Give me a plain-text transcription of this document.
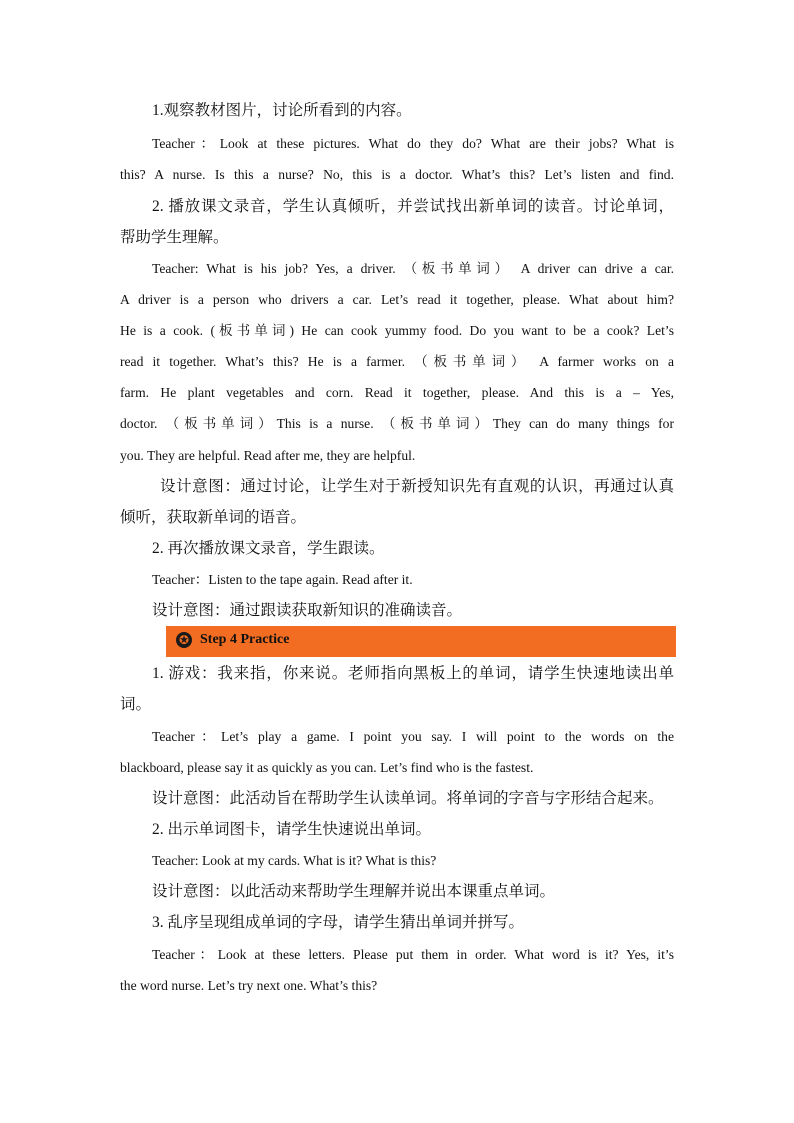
1.观察教材图片，讨论所看到的内容。
Teacher：Look at these pictures. What do they do? What are their jobs? What is
this? A nurse. Is this a nurse? No, this is a doctor. What’s this? Let’s listen and find.
2. 播放课文录音，学生认真倾听，并尝试找出新单词的读音。讨论单词，
帮助学生理解。
Teacher: What is his job? Yes, a driver. （板书单词） A driver can drive a car.
A driver is a person who drivers a car. Let’s read it together, please. What about him?
He is a cook. (板书单词) He can cook yummy food. Do you want to be a cook? Let’s
read it together. What’s this? He is a farmer. （板书单词） A farmer works on a
farm. He plant vegetables and corn. Read it together, please. And this is a – Yes,
doctor. （板书单词）This is a nurse. （板书单词）They can do many things for
you. They are helpful. Read after me, they are helpful.
设计意图：通过讨论，让学生对于新授知识先有直观的认识，再通过认真
倾听，获取新单词的语音。
2. 再次播放课文录音，学生跟读。
Teacher：Listen to the tape again. Read after it.
设计意图：通过跟读获取新知识的准确读音。
✪ Step 4 Practice
1. 游戏：我来指，你来说。老师指向黑板上的单词，请学生快速地读出单
词。
Teacher：Let’s play a game. I point you say. I will point to the words on the
blackboard, please say it as quickly as you can. Let’s find who is the fastest.
设计意图：此活动旨在帮助学生认读单词。将单词的字音与字形结合起来。
2. 出示单词图卡，请学生快速说出单词。
Teacher: Look at my cards. What is it? What is this?
设计意图：以此活动来帮助学生理解并说出本课重点单词。
3. 乱序呈现组成单词的字母，请学生猜出单词并拼写。
Teacher：Look at these letters. Please put them in order. What word is it? Yes, it’s
the word nurse. Let’s try next one. What’s this?
